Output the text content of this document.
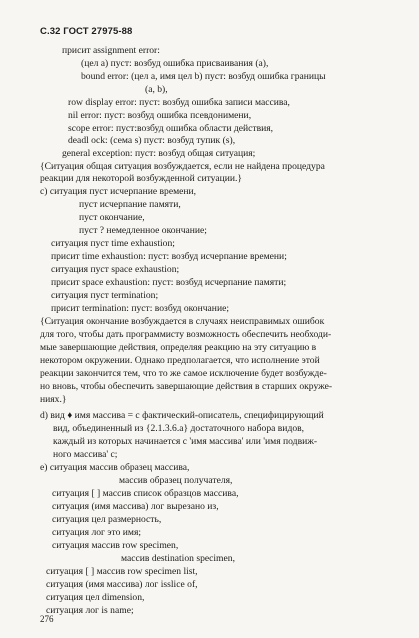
С.32 ГОСТ 27975-88
присит assignment error:
(цел а) пуст: возбуд ошибка присваивания (а),
bound error: (цел a, имя цел b) пуст: возбуд ошибка границы
(a, b),
row display error: пуст: возбуд ошибка записи массива,
nil error: пуст: возбуд ошибка псевдонимени,
scope error: пуст:возбуд ошибка области действия,
deadl ock: (сема s) пуст: возбуд тупик (s),
general exception: пуст: возбуд общая ситуация;
{Ситуация общая ситуация возбуждается, если не найдена процедура
реакции для некоторой возбужденной ситуации.}
с) ситуация пуст исчерпание времени,
пуст исчерпание памяти,
пуст окончание,
пуст ? немедленное окончание;
ситуация пуст time exhaustion;
присит time exhaustion: пуст: возбуд исчерпание времени;
ситуация пуст space exhaustion;
присит space exhaustion: пуст: возбуд исчерпание памяти;
ситуация пуст termination;
присит termination: пуст: возбуд окончание;
{Ситуация окончание возбуждается в случаях неисправимых ошибок
для того, чтобы дать программисту возможность обеспечить необходи-
мые завершающие действия, определяя реакцию на эту ситуацию в
некотором окружении. Однако предполагается, что исполнение этой
реакции закончится тем, что то же самое исключение будет возбужде-
но вновь, чтобы обеспечить завершающие действия в старших окруже-
ниях.}
d) вид ♦ имя массива = с фактический-описатель, специфицирующий
вид, объединенный из {2.1.3.6.а} достаточного набора видов,
каждый из которых начинается с 'имя массива' или 'имя подвиж-
ного массива' с;
е) ситуация массив образец массива,
массив образец получателя,
ситуация [ ] массив список образцов массива,
ситуация (имя массива) лог вырезано из,
ситуация цел размерность,
ситуация лог это имя;
ситуация массив row specimen,
массив destination specimen,
ситуация [ ] массив row specimen list,
ситуация (имя массива) лог isslice of,
ситуация цел dimension,
ситуация лог is name;
276
